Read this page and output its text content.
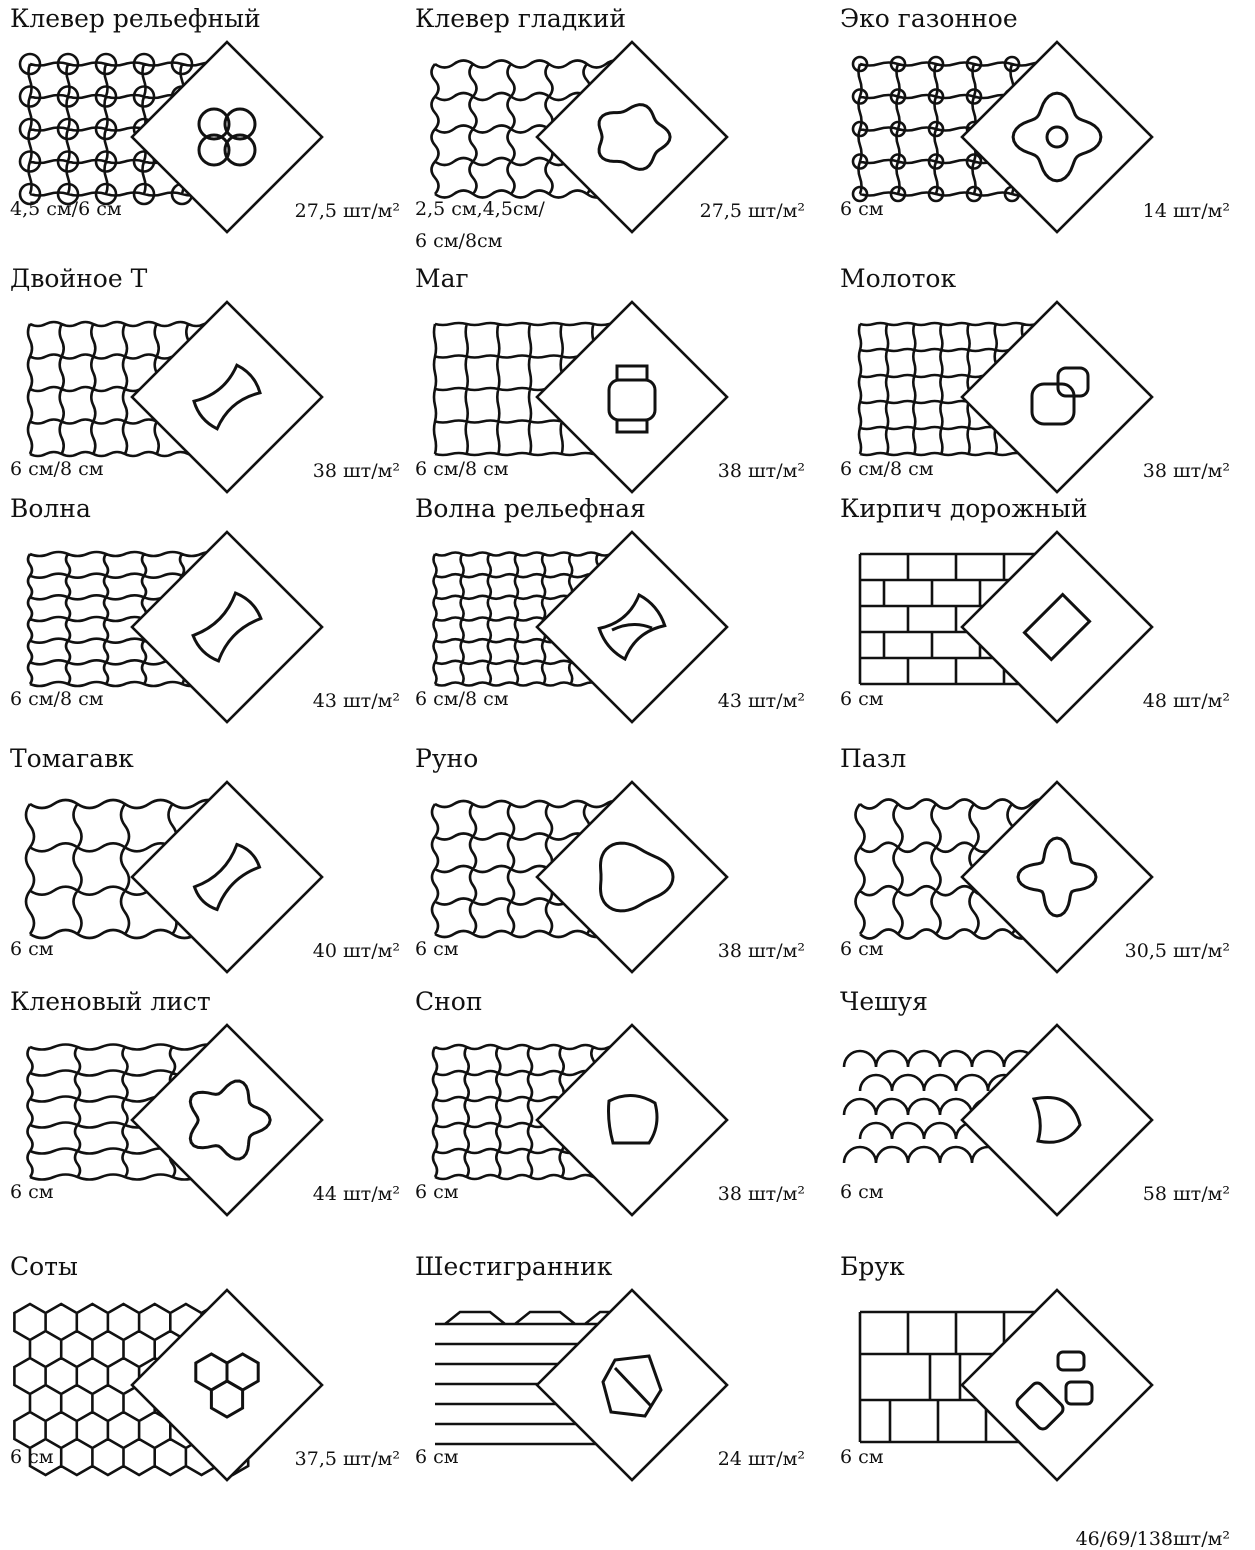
Клевер рельефный
4,5 см/6 см	27,5 шт/м²
Клевер гладкий
2,5 см,4,5см/
6 см/8см
27,5 шт/м²
Эко газонное
6 см	14 шт/м²
Двойное Т
6 см/8 см	38 шт/м²
Маг
6 см/8 см	38 шт/м²
Молоток
6 см/8 см	38 шт/м²
Волна
6 см/8 см	43 шт/м²
Волна рельефная
6 см/8 см	43 шт/м²
Кирпич дорожный
6 см	48 шт/м²
Томагавк
6 см	40 шт/м²
Руно
6 см	38 шт/м²
Пазл
6 см	30,5 шт/м²
Кленовый лист
6 см	44 шт/м²
Сноп
6 см	38 шт/м²
Чешуя
6 см	58 шт/м²
Соты
6 см	37,5 шт/м²
Шестигранник
6 см	24 шт/м²
Брук
6 см
46/69/138шт/м²
